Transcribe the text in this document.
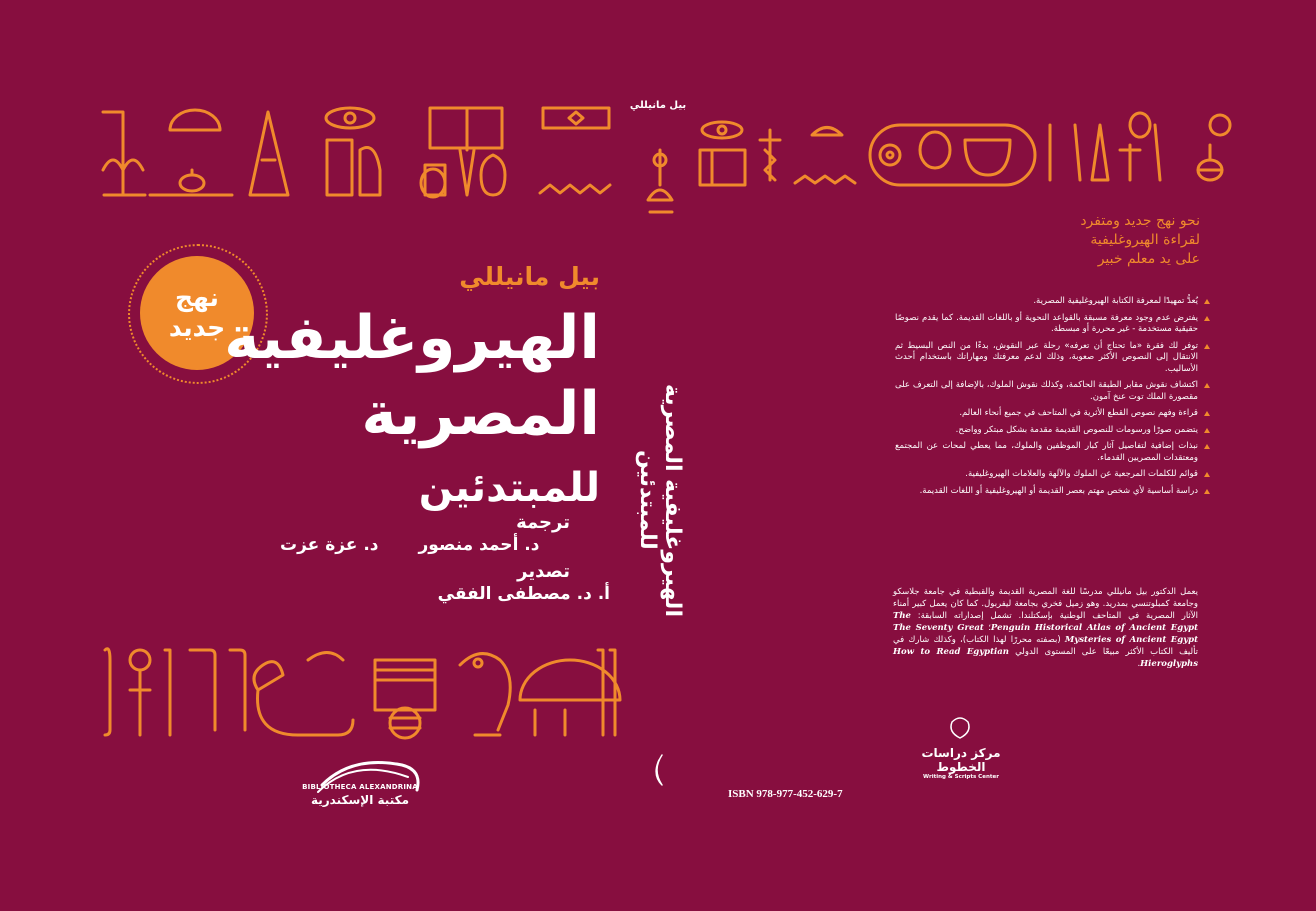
بيل مانيللي
الهيروغليفية المصرية للمبتدئين
نهج
جديد
بيل مانيللي
الهيروغليفية
المصرية
للمبتدئين
ترجمة
د. أحمد منصور
د. عزة عزت
تصدير
أ. د. مصطفى الفقي
BIBLIOTHECA ALEXANDRINA
مكتبة الإسكندرية
نحو نهج جديد ومتفرد
لقراءة الهيروغليفية
على يد معلم خبير
يُعدُّ تمهيدًا لمعرفة الكتابة الهيروغليفية المصرية.
يفترض عدم وجود معرفة مسبقة بالقواعد النحوية أو باللغات القديمة. كما يقدم نصوصًا حقيقية مستخدمة - غير محررة أو مبسطة.
توفر لك فقرة «ما تحتاج أن تعرفه» رحلة عبر النقوش، بدءًا من النص البسيط ثم الانتقال إلى النصوص الأكثر صعوبة، وذلك لدعم معرفتك ومهاراتك باستخدام أحدث الأساليب.
اكتشاف نقوش مقابر الطبقة الحاكمة، وكذلك نقوش الملوك، بالإضافة إلى التعرف على مقصورة الملك توت عنخ آمون.
قراءة وفهم نصوص القطع الأثرية في المتاحف في جميع أنحاء العالم.
يتضمن صورًا ورسومات للنصوص القديمة مقدمة بشكل مبتكر وواضح.
نبذات إضافية لتفاصيل آثار كبار الموظفين والملوك، مما يعطي لمحات عن المجتمع ومعتقدات المصريين القدماء.
قوائم للكلمات المرجعية عن الملوك والآلهة والعلامات الهيروغليفية.
دراسة أساسية لأي شخص مهتم بعصر القديمة أو الهيروغليفية أو اللغات القديمة.
يعمل الدكتور بيل مانيللي مدرسًا للغة المصرية القديمة والقبطية في جامعة جلاسكو وجامعة كمبلوتنسي بمدريد. وهو زميل فخري بجامعة ليفربول. كما كان يعمل كبير أمناء الآثار المصرية في المتاحف الوطنية بإسكتلندا. تشمل إصداراته السابقة: The Penguin Historical Atlas of Ancient Egypt؛ The Seventy Great Mysteries of Ancient Egypt (بصفته محررًا لهذا الكتاب)، وكذلك شارك في تأليف الكتاب الأكثر مبيعًا على المستوى الدولي How to Read Egyptian Hieroglyphs.
ISBN 978-977-452-629-7
مركز دراسات الخطوط
Writing & Scripts Center
